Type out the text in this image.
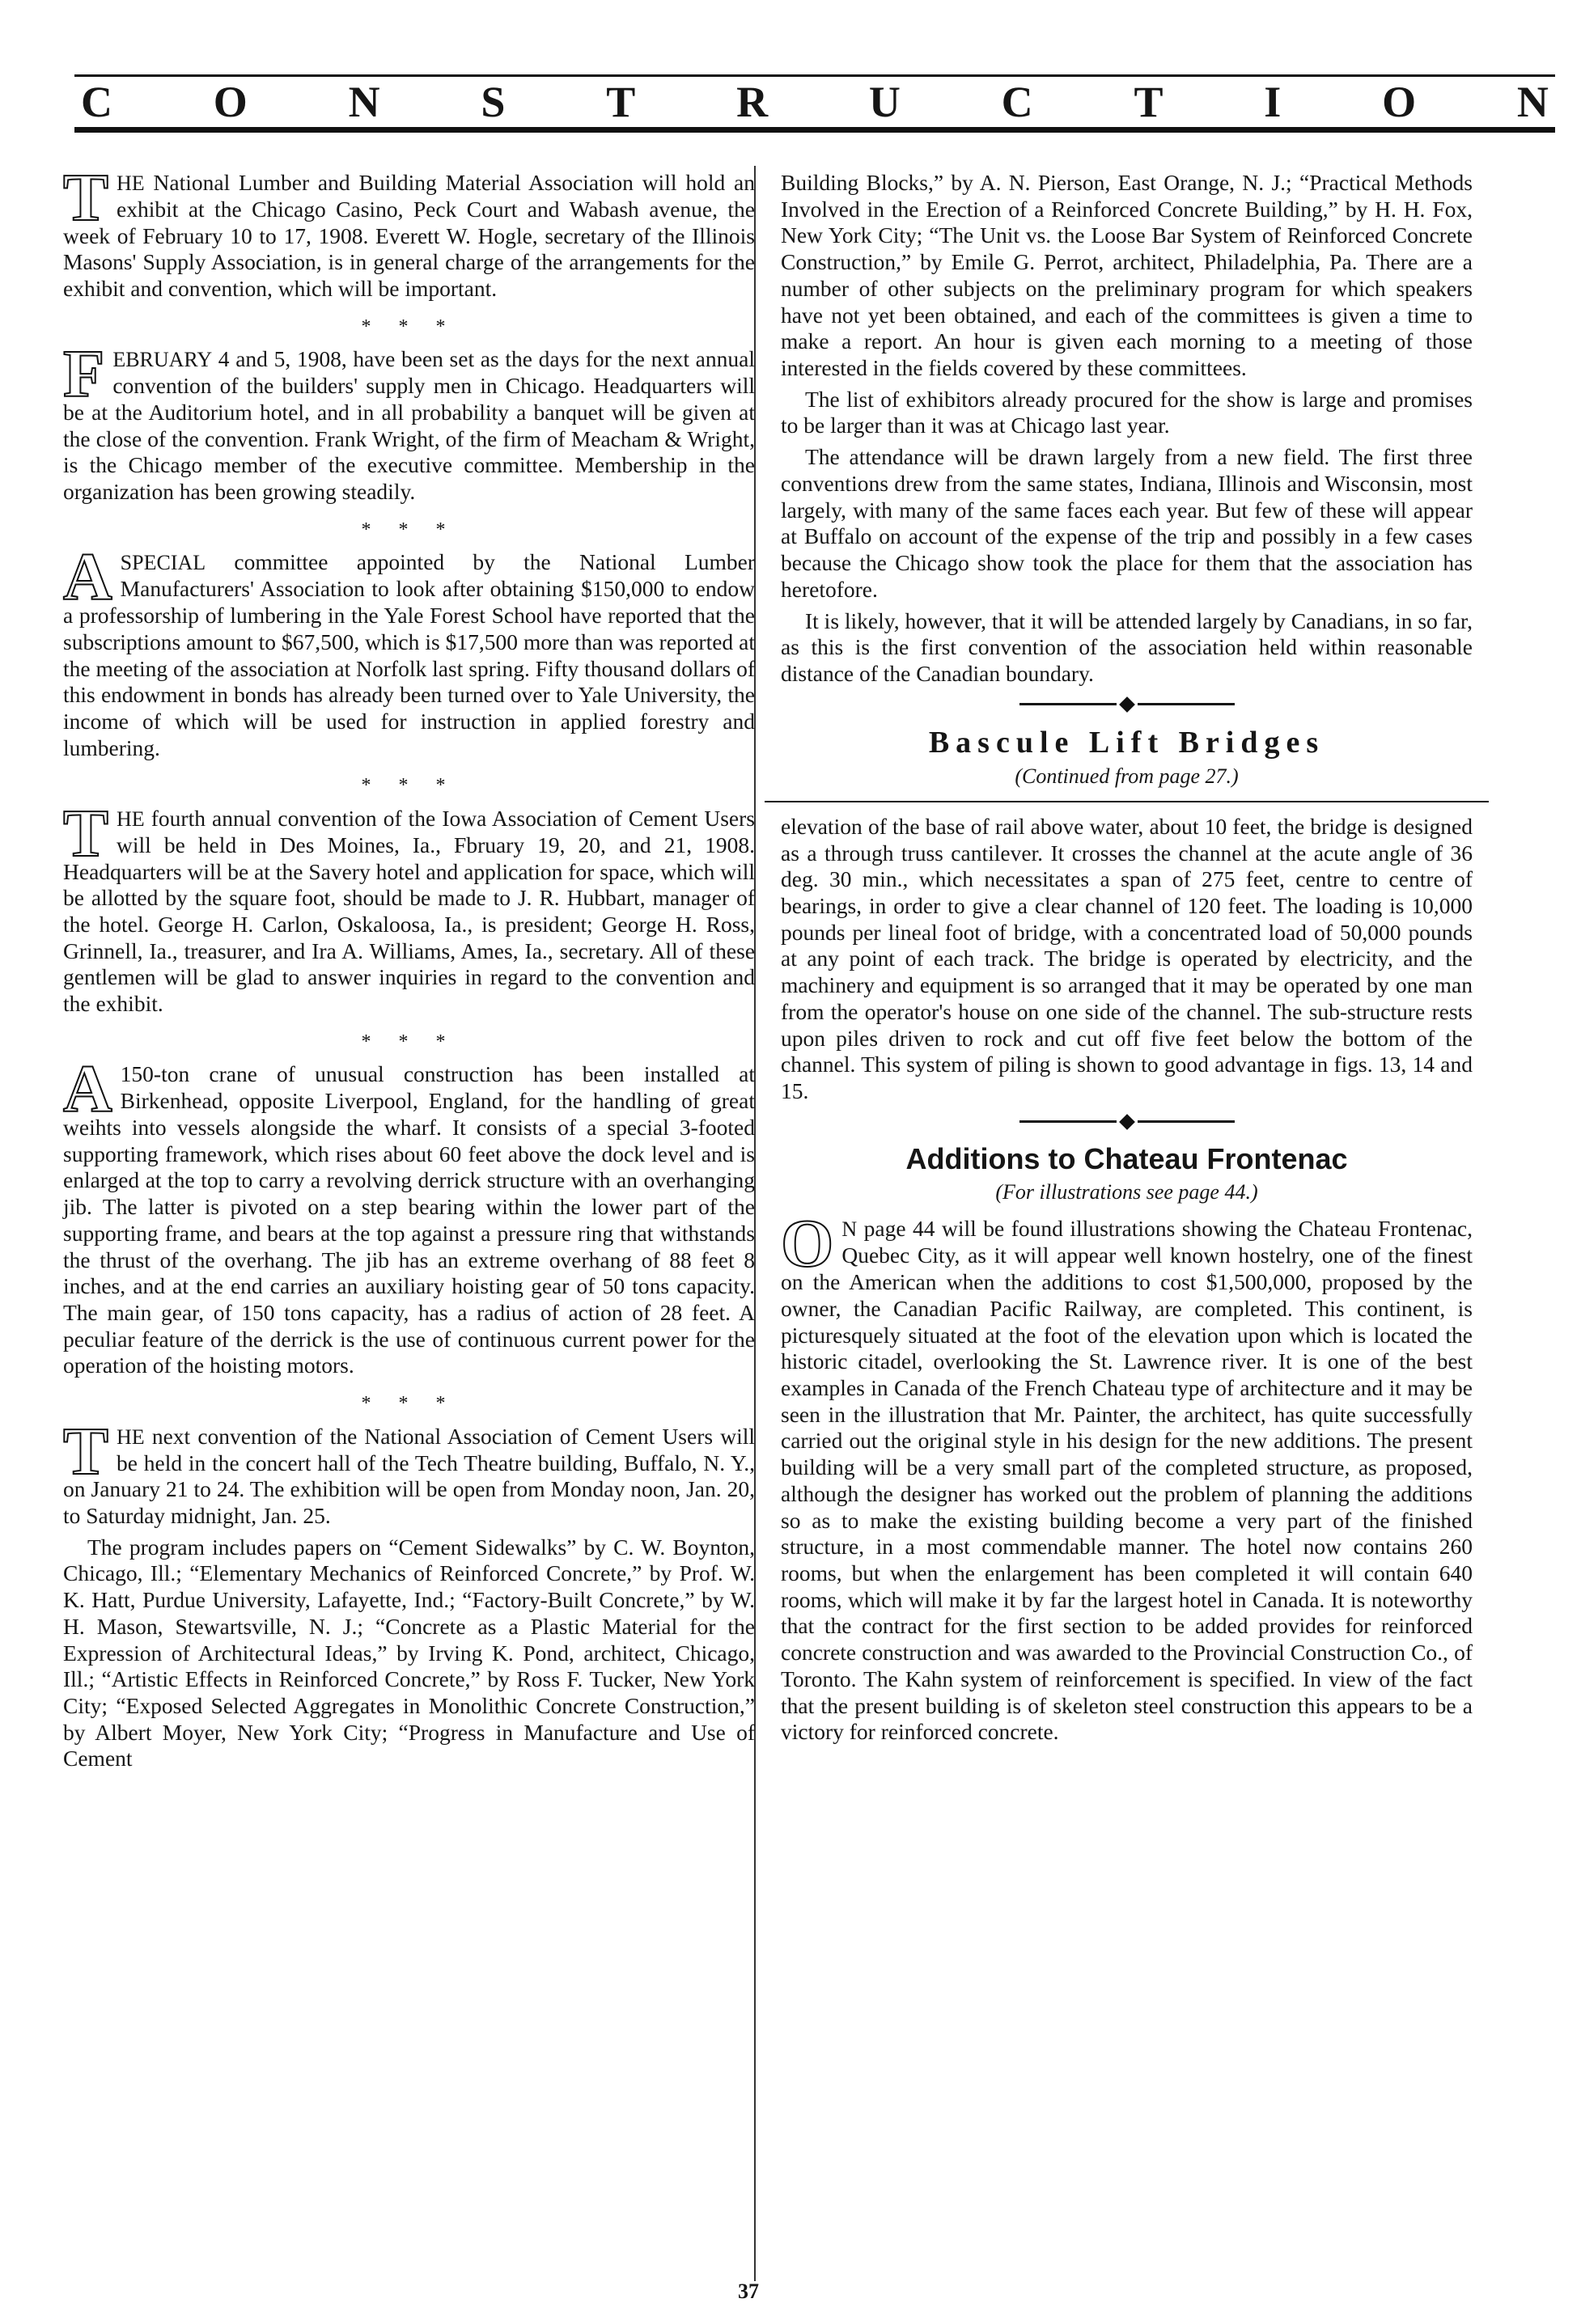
C O N S T R U C T I O N
T HE National Lumber and Building Material Association will hold an exhibit at the Chicago Casino, Peck Court and Wabash avenue, the week of February 10 to 17, 1908. Everett W. Hogle, secretary of the Illinois Masons' Supply Association, is in general charge of the arrangements for the exhibit and convention, which will be important.

* * *
F EBRUARY 4 and 5, 1908, have been set as the days for the next annual convention of the builders' supply men in Chicago. Headquarters will be at the Auditorium hotel, and in all probability a banquet will be given at the close of the convention. Frank Wright, of the firm of Meacham & Wright, is the Chicago member of the executive committee. Membership in the organization has been growing steadily.

* * *
A SPECIAL committee appointed by the National Lumber Manufacturers' Association to look after obtaining $150,000 to endow a professorship of lumbering in the Yale Forest School have reported that the subscriptions amount to $67,500, which is $17,500 more than was reported at the meeting of the association at Norfolk last spring. Fifty thousand dollars of this endowment in bonds has already been turned over to Yale University, the income of which will be used for instruction in applied forestry and lumbering.

* * *
T HE fourth annual convention of the Iowa Association of Cement Users will be held in Des Moines, Ia., Fbruary 19, 20, and 21, 1908. Headquarters will be at the Savery hotel and application for space, which will be allotted by the square foot, should be made to J. R. Hubbart, manager of the hotel. George H. Carlon, Oskaloosa, Ia., is president; George H. Ross, Grinnell, Ia., treasurer, and Ira A. Williams, Ames, Ia., secretary. All of these gentlemen will be glad to answer inquiries in regard to the convention and the exhibit.

* * *
A 150-ton crane of unusual construction has been installed at Birkenhead, opposite Liverpool, England, for the handling of great weihts into vessels alongside the wharf. It consists of a special 3-footed supporting framework, which rises about 60 feet above the dock level and is enlarged at the top to carry a revolving derrick structure with an overhanging jib. The latter is pivoted on a step bearing within the lower part of the supporting frame, and bears at the top against a pressure ring that withstands the thrust of the overhang. The jib has an extreme overhang of 88 feet 8 inches, and at the end carries an auxiliary hoisting gear of 50 tons capacity. The main gear, of 150 tons capacity, has a radius of action of 28 feet. A peculiar feature of the derrick is the use of continuous current power for the operation of the hoisting motors.

* * *
T HE next convention of the National Association of Cement Users will be held in the concert hall of the Tech Theatre building, Buffalo, N. Y., on January 21 to 24. The exhibition will be open from Monday noon, Jan. 20, to Saturday midnight, Jan. 25.

The program includes papers on “Cement Sidewalks” by C. W. Boynton, Chicago, Ill.; “Elementary Mechanics of Reinforced Concrete,” by Prof. W. K. Hatt, Purdue University, Lafayette, Ind.; “Factory-Built Concrete,” by W. H. Mason, Stewartsville, N. J.; “Concrete as a Plastic Material for the Expression of Architectural Ideas,” by Irving K. Pond, architect, Chicago, Ill.; “Artistic Effects in Reinforced Concrete,” by Ross F. Tucker, New York City; “Exposed Selected Aggregates in Monolithic Concrete Construction,” by Albert Moyer, New York City; “Progress in Manufacture and Use of Cement

Building Blocks,” by A. N. Pierson, East Orange, N. J.; “Practical Methods Involved in the Erection of a Reinforced Concrete Building,” by H. H. Fox, New York City; “The Unit vs. the Loose Bar System of Reinforced Concrete Construction,” by Emile G. Perrot, architect, Philadelphia, Pa. There are a number of other subjects on the preliminary program for which speakers have not yet been obtained, and each of the committees is given a time to make a report. An hour is given each morning to a meeting of those interested in the fields covered by these committees.

The list of exhibitors already procured for the show is large and promises to be larger than it was at Chicago last year.

The attendance will be drawn largely from a new field. The first three conventions drew from the same states, Indiana, Illinois and Wisconsin, most largely, with many of the same faces each year. But few of these will appear at Buffalo on account of the expense of the trip and possibly in a few cases because the Chicago show took the place for them that the association has heretofore.

It is likely, however, that it will be attended largely by Canadians, in so far, as this is the first convention of the association held within reasonable distance of the Canadian boundary.

Bascule Lift Bridges
(Continued from page 27.)

elevation of the base of rail above water, about 10 feet, the bridge is designed as a through truss cantilever. It crosses the channel at the acute angle of 36 deg. 30 min., which necessitates a span of 275 feet, centre to centre of bearings, in order to give a clear channel of 120 feet. The loading is 10,000 pounds per lineal foot of bridge, with a concentrated load of 50,000 pounds at any point of each track. The bridge is operated by electricity, and the machinery and equipment is so arranged that it may be operated by one man from the operator's house on one side of the channel. The sub-structure rests upon piles driven to rock and cut off five feet below the bottom of the channel. This system of piling is shown to good advantage in figs. 13, 14 and 15.

Additions to Chateau Frontenac
(For illustrations see page 44.)
O N page 44 will be found illustrations showing the Chateau Frontenac, Quebec City, as it will appear well known hostelry, one of the finest on the American when the additions to cost $1,500,000, proposed by the owner, the Canadian Pacific Railway, are completed. This continent, is picturesquely situated at the foot of the elevation upon which is located the historic citadel, overlooking the St. Lawrence river. It is one of the best examples in Canada of the French Chateau type of architecture and it may be seen in the illustration that Mr. Painter, the architect, has quite successfully carried out the original style in his design for the new additions. The present building will be a very small part of the completed structure, as proposed, although the designer has worked out the problem of planning the additions so as to make the existing building become a very part of the finished structure, in a most commendable manner. The hotel now contains 260 rooms, but when the enlargement has been completed it will contain 640 rooms, which will make it by far the largest hotel in Canada. It is noteworthy that the contract for the first section to be added provides for reinforced concrete construction and was awarded to the Provincial Construction Co., of Toronto. The Kahn system of reinforcement is specified. In view of the fact that the present building is of skeleton steel construction this appears to be a victory for reinforced concrete.

37
